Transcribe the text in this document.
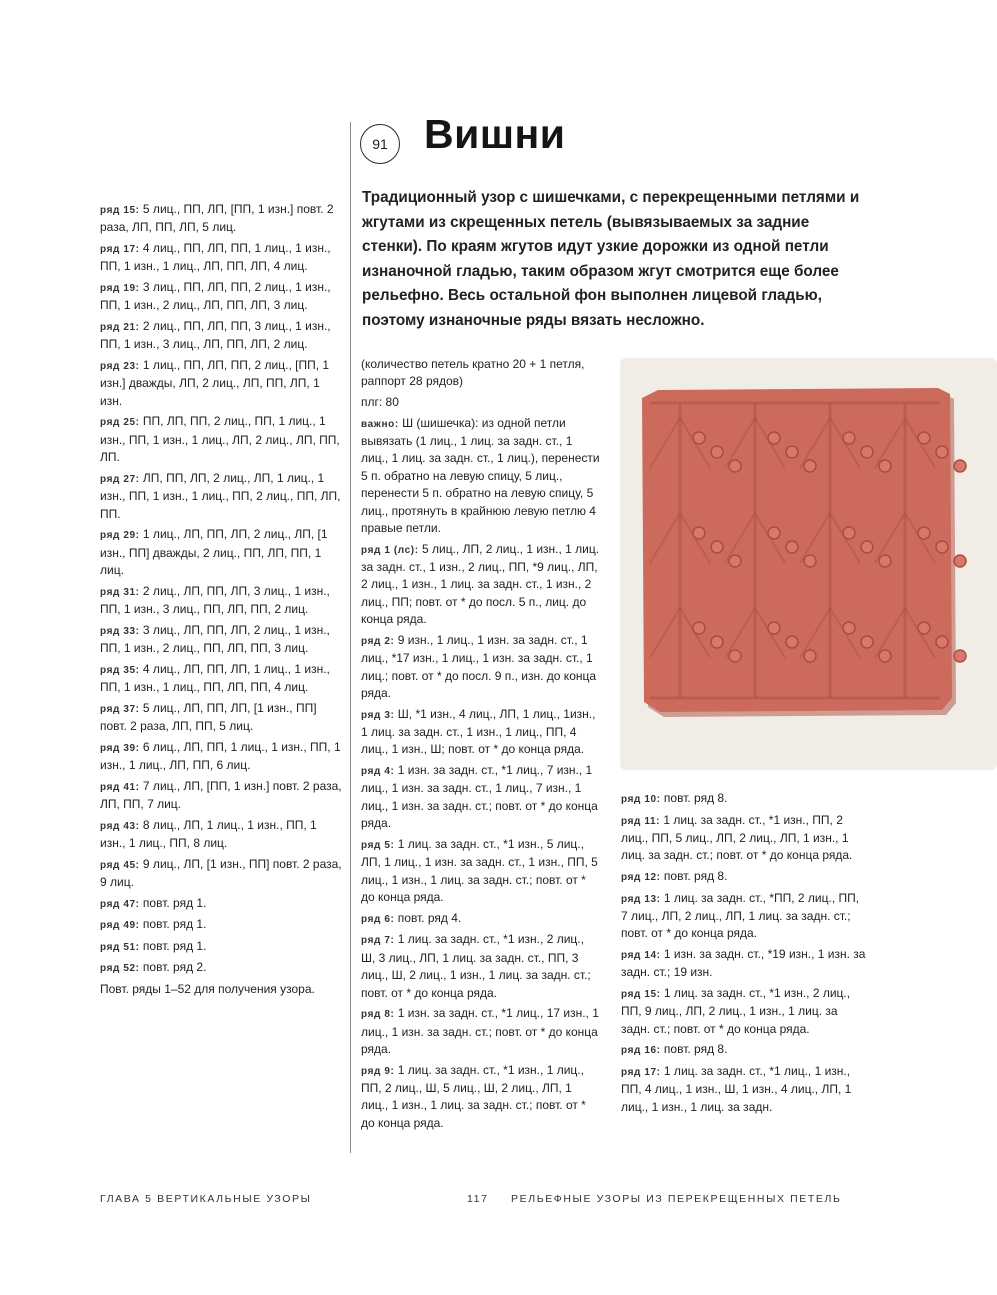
91 Вишни

Традиционный узор с шишечками, с перекрещенными петлями и жгутами из скрещенных петель (вывязываемых за задние стенки). По краям жгутов идут узкие дорожки из одной петли изнаночной гладью, таким образом жгут смотрится еще более рельефно. Весь остальной фон выполнен лицевой гладью, поэтому изнаночные ряды вязать несложно.

ряд 15: 5 лиц., ПП, ЛП, [ПП, 1 изн.] повт. 2 раза, ЛП, ПП, ЛП, 5 лиц.

ряд 17: 4 лиц., ПП, ЛП, ПП, 1 лиц., 1 изн., ПП, 1 изн., 1 лиц., ЛП, ПП, ЛП, 4 лиц.

ряд 19: 3 лиц., ПП, ЛП, ПП, 2 лиц., 1 изн., ПП, 1 изн., 2 лиц., ЛП, ПП, ЛП, 3 лиц.

ряд 21: 2 лиц., ПП, ЛП, ПП, 3 лиц., 1 изн., ПП, 1 изн., 3 лиц., ЛП, ПП, ЛП, 2 лиц.

ряд 23: 1 лиц., ПП, ЛП, ПП, 2 лиц., [ПП, 1 изн.] дважды, ЛП, 2 лиц., ЛП, ПП, ЛП, 1 изн.

ряд 25: ПП, ЛП, ПП, 2 лиц., ПП, 1 лиц., 1 изн., ПП, 1 изн., 1 лиц., ЛП, 2 лиц., ЛП, ПП, ЛП.

ряд 27: ЛП, ПП, ЛП, 2 лиц., ЛП, 1 лиц., 1 изн., ПП, 1 изн., 1 лиц., ПП, 2 лиц., ПП, ЛП, ПП.

ряд 29: 1 лиц., ЛП, ПП, ЛП, 2 лиц., ЛП, [1 изн., ПП] дважды, 2 лиц., ПП, ЛП, ПП, 1 лиц.

ряд 31: 2 лиц., ЛП, ПП, ЛП, 3 лиц., 1 изн., ПП, 1 изн., 3 лиц., ПП, ЛП, ПП, 2 лиц.

ряд 33: 3 лиц., ЛП, ПП, ЛП, 2 лиц., 1 изн., ПП, 1 изн., 2 лиц., ПП, ЛП, ПП, 3 лиц.

ряд 35: 4 лиц., ЛП, ПП, ЛП, 1 лиц., 1 изн., ПП, 1 изн., 1 лиц., ПП, ЛП, ПП, 4 лиц.

ряд 37: 5 лиц., ЛП, ПП, ЛП, [1 изн., ПП] повт. 2 раза, ЛП, ПП, 5 лиц.

ряд 39: 6 лиц., ЛП, ПП, 1 лиц., 1 изн., ПП, 1 изн., 1 лиц., ЛП, ПП, 6 лиц.

ряд 41: 7 лиц., ЛП, [ПП, 1 изн.] повт. 2 раза, ЛП, ПП, 7 лиц.

ряд 43: 8 лиц., ЛП, 1 лиц., 1 изн., ПП, 1 изн., 1 лиц., ПП, 8 лиц.

ряд 45: 9 лиц., ЛП, [1 изн., ПП] повт. 2 раза, 9 лиц.

ряд 47: повт. ряд 1.

ряд 49: повт. ряд 1.

ряд 51: повт. ряд 1.

ряд 52: повт. ряд 2.

Повт. ряды 1–52 для получения узора.

(количество петель кратно 20 + 1 петля, раппорт 28 рядов)

плг: 80

важно: Ш (шишечка): из одной петли вывязать (1 лиц., 1 лиц. за задн. ст., 1 лиц., 1 лиц. за задн. ст., 1 лиц.), перенести 5 п. обратно на левую спицу, 5 лиц., перенести 5 п. обратно на левую спицу, 5 лиц., протянуть в крайнюю левую петлю 4 правые петли.

ряд 1 (лс): 5 лиц., ЛП, 2 лиц., 1 изн., 1 лиц. за задн. ст., 1 изн., 2 лиц., ПП, *9 лиц., ЛП, 2 лиц., 1 изн., 1 лиц. за задн. ст., 1 изн., 2 лиц., ПП; повт. от * до посл. 5 п., лиц. до конца ряда.

ряд 2: 9 изн., 1 лиц., 1 изн. за задн. ст., 1 лиц., *17 изн., 1 лиц., 1 изн. за задн. ст., 1 лиц.; повт. от * до посл. 9 п., изн. до конца ряда.

ряд 3: Ш, *1 изн., 4 лиц., ЛП, 1 лиц., 1изн., 1 лиц. за задн. ст., 1 изн., 1 лиц., ПП, 4 лиц., 1 изн., Ш; повт. от * до конца ряда.

ряд 4: 1 изн. за задн. ст., *1 лиц., 7 изн., 1 лиц., 1 изн. за задн. ст., 1 лиц., 7 изн., 1 лиц., 1 изн. за задн. ст.; повт. от * до конца ряда.

ряд 5: 1 лиц. за задн. ст., *1 изн., 5 лиц., ЛП, 1 лиц., 1 изн. за задн. ст., 1 изн., ПП, 5 лиц., 1 изн., 1 лиц. за задн. ст.; повт. от * до конца ряда.

ряд 6: повт. ряд 4.

ряд 7: 1 лиц. за задн. ст., *1 изн., 2 лиц., Ш, 3 лиц., ЛП, 1 лиц. за задн. ст., ПП, 3 лиц., Ш, 2 лиц., 1 изн., 1 лиц. за задн. ст.; повт. от * до конца ряда.

ряд 8: 1 изн. за задн. ст., *1 лиц., 17 изн., 1 лиц., 1 изн. за задн. ст.; повт. от * до конца ряда.

ряд 9: 1 лиц. за задн. ст., *1 изн., 1 лиц., ПП, 2 лиц., Ш, 5 лиц., Ш, 2 лиц., ЛП, 1 лиц., 1 изн., 1 лиц. за задн. ст.; повт. от * до конца ряда.

ряд 10: повт. ряд 8.

ряд 11: 1 лиц. за задн. ст., *1 изн., ПП, 2 лиц., ПП, 5 лиц., ЛП, 2 лиц., ЛП, 1 изн., 1 лиц. за задн. ст.; повт. от * до конца ряда.

ряд 12: повт. ряд 8.

ряд 13: 1 лиц. за задн. ст., *ПП, 2 лиц., ПП, 7 лиц., ЛП, 2 лиц., ЛП, 1 лиц. за задн. ст.; повт. от * до конца ряда.

ряд 14: 1 изн. за задн. ст., *19 изн., 1 изн. за задн. ст.; 19 изн.

ряд 15: 1 лиц. за задн. ст., *1 изн., 2 лиц., ПП, 9 лиц., ЛП, 2 лиц., 1 изн., 1 лиц. за задн. ст.; повт. от * до конца ряда.

ряд 16: повт. ряд 8.

ряд 17: 1 лиц. за задн. ст., *1 лиц., 1 изн., ПП, 4 лиц., 1 изн., Ш, 1 изн., 4 лиц., ЛП, 1 лиц., 1 изн., 1 лиц. за задн.

ГЛАВА 5 ВЕРТИКАЛЬНЫЕ УЗОРЫ	117 РЕЛЬЕФНЫЕ УЗОРЫ ИЗ ПЕРЕКРЕЩЕННЫХ ПЕТЕЛЬ
